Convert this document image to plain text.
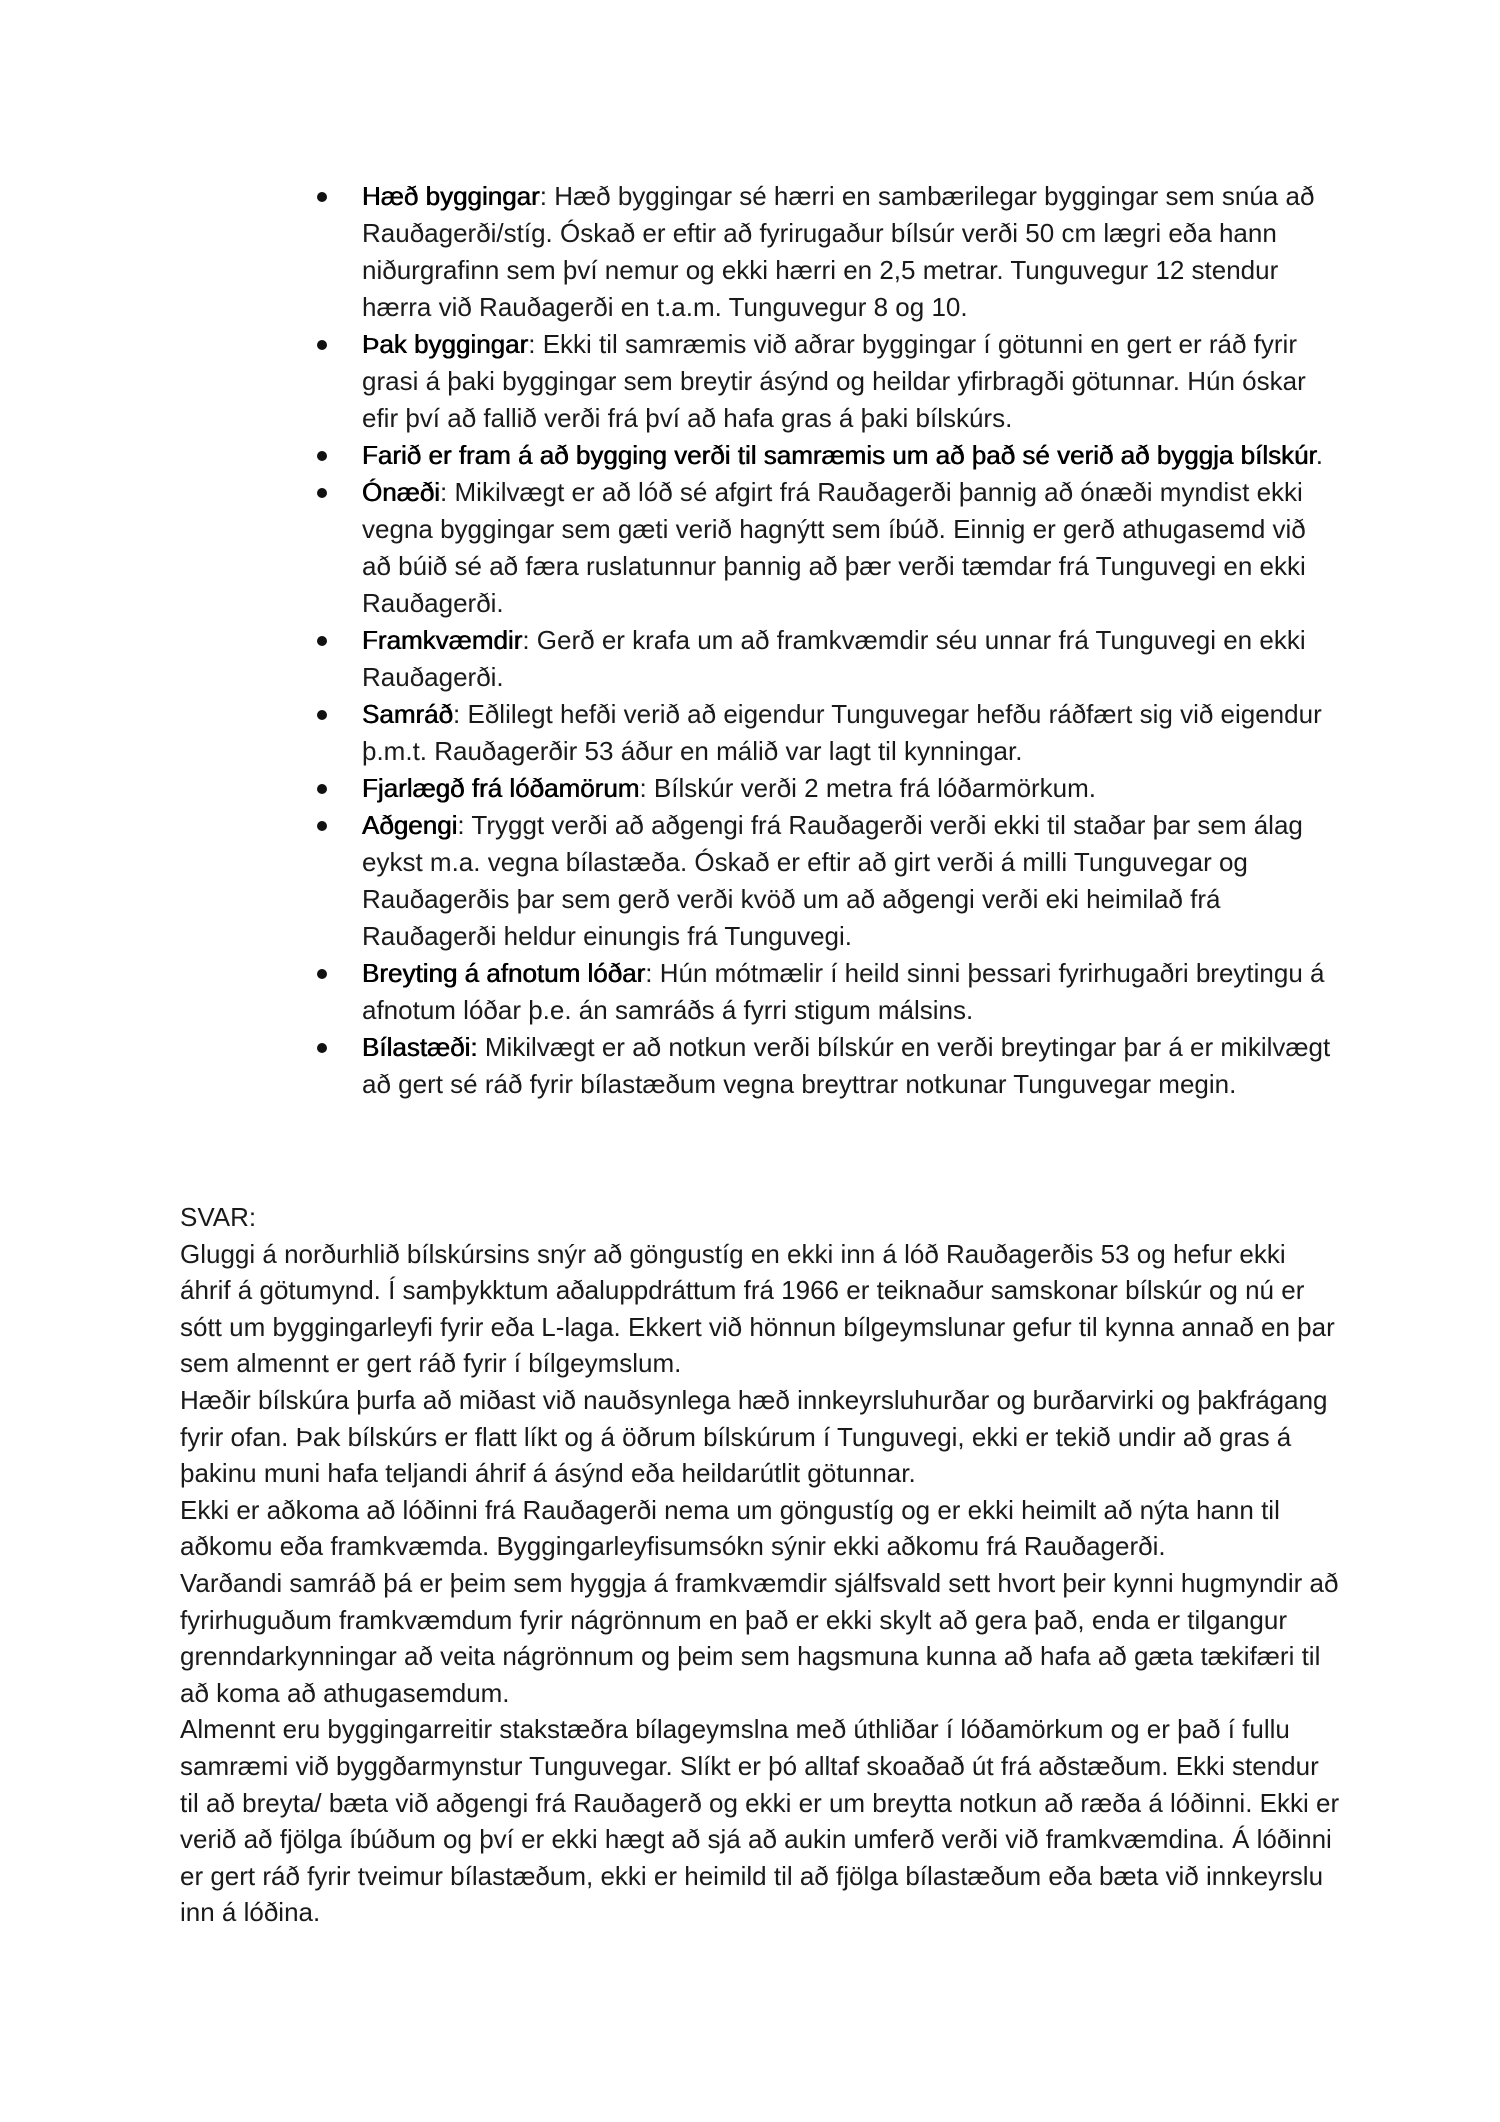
Hæð byggingar: Hæð byggingar sé hærri en sambærilegar byggingar sem snúa að Rauðagerði/stíg. Óskað er eftir að fyrirugaður bílsúr verði 50 cm lægri eða hann niðurgrafinn sem því nemur og ekki hærri en 2,5 metrar. Tunguvegur 12 stendur hærra við Rauðagerði en t.a.m. Tunguvegur 8 og 10.
Þak byggingar: Ekki til samræmis við aðrar byggingar í götunni en gert er ráð fyrir grasi á þaki byggingar sem breytir ásýnd og heildar yfirbragði götunnar. Hún óskar efir því að fallið verði frá því að hafa gras á þaki bílskúrs.
Farið er fram á að bygging verði til samræmis um að það sé verið að byggja bílskúr.
Ónæði: Mikilvægt er að lóð sé afgirt frá Rauðagerði þannig að ónæði myndist ekki vegna byggingar sem gæti verið hagnýtt sem íbúð. Einnig er gerð athugasemd við að búið sé að færa ruslatunnur þannig að þær verði tæmdar frá Tunguvegi en ekki Rauðagerði.
Framkvæmdir: Gerð er krafa um að framkvæmdir séu unnar frá Tunguvegi en ekki Rauðagerði.
Samráð: Eðlilegt hefði verið að eigendur Tunguvegar hefðu ráðfært sig við eigendur þ.m.t. Rauðagerðir 53 áður en málið var lagt til kynningar.
Fjarlægð frá lóðamörum: Bílskúr verði 2 metra frá lóðarmörkum.
Aðgengi: Tryggt verði að aðgengi frá Rauðagerði verði ekki til staðar þar sem álag eykst m.a. vegna bílastæða. Óskað er eftir að girt verði á milli Tunguvegar og Rauðagerðis þar sem gerð verði kvöð um að aðgengi verði eki heimilað frá Rauðagerði heldur einungis frá Tunguvegi.
Breyting á afnotum lóðar: Hún mótmælir í heild sinni þessari fyrirhugaðri breytingu á afnotum lóðar þ.e. án samráðs á fyrri stigum málsins.
Bílastæði: Mikilvægt er að notkun verði bílskúr en verði breytingar þar á er mikilvægt að gert sé ráð fyrir bílastæðum vegna breyttrar notkunar Tunguvegar megin.

SVAR:

Gluggi á norðurhlið bílskúrsins snýr að göngustíg en ekki inn á lóð Rauðagerðis 53 og hefur ekki áhrif á götumynd. Í samþykktum aðaluppdráttum frá 1966 er teiknaður samskonar bílskúr og nú er sótt um byggingarleyfi fyrir eða L-laga. Ekkert við hönnun bílgeymslunar gefur til kynna annað en þar sem almennt er gert ráð fyrir í bílgeymslum.

Hæðir bílskúra þurfa að miðast við nauðsynlega hæð innkeyrsluhurðar og burðarvirki og þakfrágang fyrir ofan. Þak bílskúrs er flatt líkt og á öðrum bílskúrum í Tunguvegi, ekki er tekið undir að gras á þakinu muni hafa teljandi áhrif á ásýnd eða heildarútlit götunnar.

Ekki er aðkoma að lóðinni frá Rauðagerði nema um göngustíg og er ekki heimilt að nýta hann til aðkomu eða framkvæmda. Byggingarleyfisumsókn sýnir ekki aðkomu frá Rauðagerði.

Varðandi samráð þá er þeim sem hyggja á framkvæmdir sjálfsvald sett hvort þeir kynni hugmyndir að fyrirhuguðum framkvæmdum fyrir nágrönnum en það er ekki skylt að gera það, enda er tilgangur grenndarkynningar að veita nágrönnum og þeim sem hagsmuna kunna að hafa að gæta tækifæri til að koma að athugasemdum.

Almennt eru byggingarreitir stakstæðra bílageymslna með úthliðar í lóðamörkum og er það í fullu samræmi við byggðarmynstur Tunguvegar. Slíkt er þó alltaf skoaðað út frá aðstæðum. Ekki stendur til að breyta/ bæta við aðgengi frá Rauðagerð og ekki er um breytta notkun að ræða á lóðinni. Ekki er verið að fjölga íbúðum og því er ekki hægt að sjá að aukin umferð verði við framkvæmdina. Á lóðinni er gert ráð fyrir tveimur bílastæðum, ekki er heimild til að fjölga bílastæðum eða bæta við innkeyrslu inn á lóðina.
